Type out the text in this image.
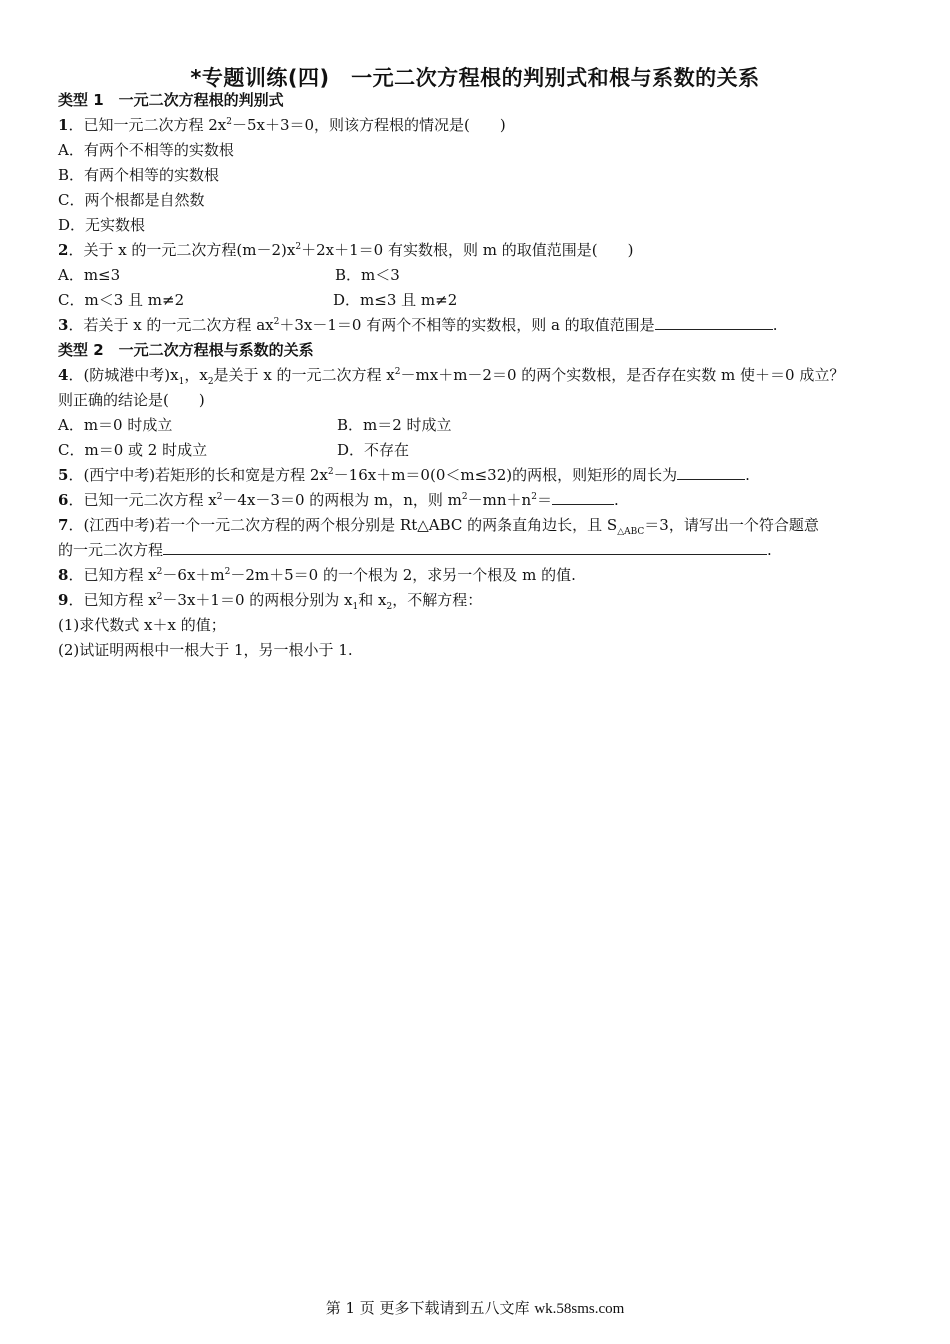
*专题训练(四)　一元二次方程根的判别式和根与系数的关系
类型 1　一元二次方程根的判别式
1．已知一元二次方程 $2x^2-5x+3=0$，则该方程根的情况是(　　)
A．有两个不相等的实数根
B．有两个相等的实数根
C．两个根都是自然数
D．无实数根
2．关于 x 的一元二次方程$(m-2)x^2+2x+1=0$ 有实数根，则 m 的取值范围是(　　)
A．m≤3	B．m＜3
C．m＜3 且 m≠2	D．m≤3 且 m≠2
3．若关于 x 的一元二次方程 $ax^2+3x-1=0$ 有两个不相等的实数根，则 a 的取值范围是	.
类型 2　一元二次方程根与系数的关系
4．(防城港中考)$x_1$，$x_2$是关于 x 的一元二次方程 $x^2-mx+m-2=0$ 的两个实数根，是否存在实数 m 使＋＝0 成立？
则正确的结论是(　　)
A．m＝0 时成立	B．m＝2 时成立
C．m＝0 或 2 时成立	D．不存在
5．(西宁中考)若矩形的长和宽是方程 $2x^2-16x+m=0(0<m\le 32)$的两根，则矩形的周长为	.
6．已知一元二次方程 $x^2-4x-3=0$ 的两根为 m，n，则 $m^2-mn+n^2=$	.
7．(江西中考)若一个一元二次方程的两个根分别是 Rt△ABC 的两条直角边长，且 $S_{\triangle ABC}=3$，请写出一个符合题意
的一元二次方程	.
8．已知方程 $x^2-6x+m^2-2m+5=0$ 的一个根为 2，求另一个根及 m 的值.
9．已知方程 $x^2-3x+1=0$ 的两根分别为 $x_1$和 $x_2$，不解方程：
(1)求代数式 x＋x 的值；
(2)试证明两根中一根大于 1，另一根小于 1.
第 1 页 更多下载请到五八文库 wk.58sms.com
